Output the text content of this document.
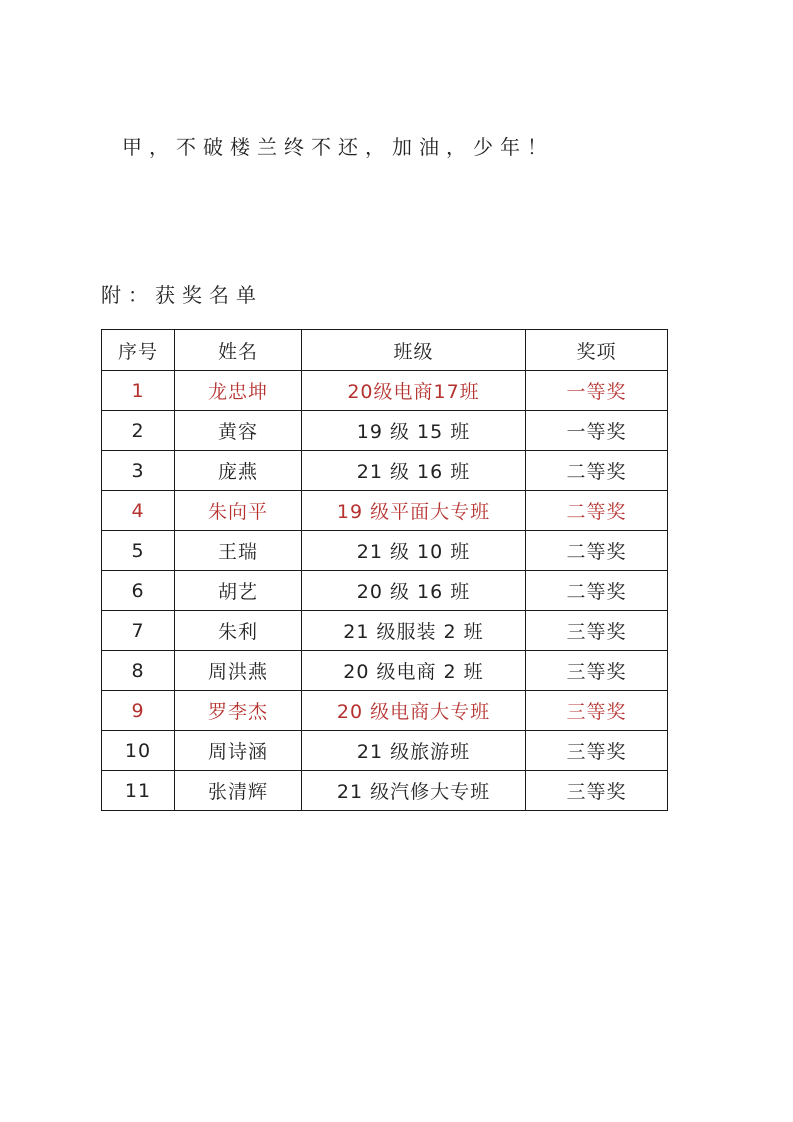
甲，不破楼兰终不还，加油，少年！
附：获奖名单
序号	姓名	班级	奖项
1	龙忠坤	20级电商17班	一等奖
2	黄容	19 级 15 班	一等奖
3	庞燕	21 级 16 班	二等奖
4	朱向平	19 级平面大专班	二等奖
5	王瑞	21 级 10 班	二等奖
6	胡艺	20 级 16 班	二等奖
7	朱利	21 级服装 2 班	三等奖
8	周洪燕	20 级电商 2 班	三等奖
9	罗李杰	20 级电商大专班	三等奖
10	周诗涵	21 级旅游班	三等奖
11	张清辉	21 级汽修大专班	三等奖
